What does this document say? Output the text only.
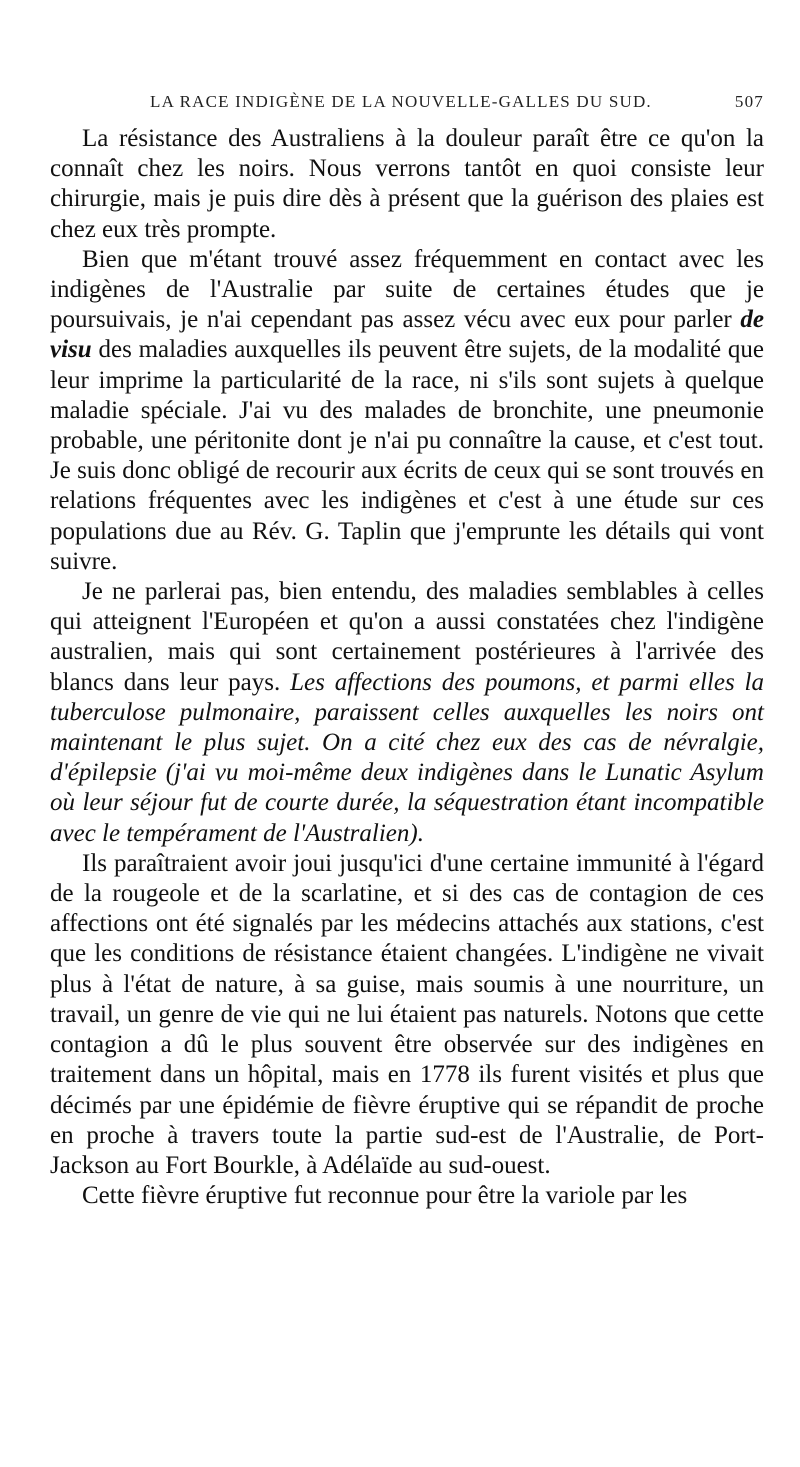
LA RACE INDIGÈNE DE LA NOUVELLE-GALLES DU SUD.	507

La résistance des Australiens à la douleur paraît être ce qu'on la connaît chez les noirs. Nous verrons tantôt en quoi consiste leur chirurgie, mais je puis dire dès à présent que la guérison des plaies est chez eux très prompte.

Bien que m'étant trouvé assez fréquemment en contact avec les indigènes de l'Australie par suite de certaines études que je poursuivais, je n'ai cependant pas assez vécu avec eux pour parler de visu des maladies auxquelles ils peuvent être sujets, de la modalité que leur imprime la particularité de la race, ni s'ils sont sujets à quelque maladie spéciale. J'ai vu des malades de bronchite, une pneumonie probable, une péritonite dont je n'ai pu connaître la cause, et c'est tout. Je suis donc obligé de recourir aux écrits de ceux qui se sont trouvés en relations fréquentes avec les indigènes et c'est à une étude sur ces populations due au Rév. G. Taplin que j'emprunte les détails qui vont suivre.

Je ne parlerai pas, bien entendu, des maladies semblables à celles qui atteignent l'Européen et qu'on a aussi constatées chez l'indigène australien, mais qui sont certainement postérieures à l'arrivée des blancs dans leur pays. Les affections des poumons, et parmi elles la tuberculose pulmonaire, paraissent celles auxquelles les noirs ont maintenant le plus sujet. On a cité chez eux des cas de névralgie, d'épilepsie (j'ai vu moi-même deux indigènes dans le Lunatic Asylum où leur séjour fut de courte durée, la séquestration étant incompatible avec le tempérament de l'Australien).

Ils paraîtraient avoir joui jusqu'ici d'une certaine immunité à l'égard de la rougeole et de la scarlatine, et si des cas de contagion de ces affections ont été signalés par les médecins attachés aux stations, c'est que les conditions de résistance étaient changées. L'indigène ne vivait plus à l'état de nature, à sa guise, mais soumis à une nourriture, un travail, un genre de vie qui ne lui étaient pas naturels. Notons que cette contagion a dû le plus souvent être observée sur des indigènes en traitement dans un hôpital, mais en 1778 ils furent visités et plus que décimés par une épidémie de fièvre éruptive qui se répandit de proche en proche à travers toute la partie sud-est de l'Australie, de Port-Jackson au Fort Bourkle, à Adélaïde au sud-ouest.

Cette fièvre éruptive fut reconnue pour être la variole par les
